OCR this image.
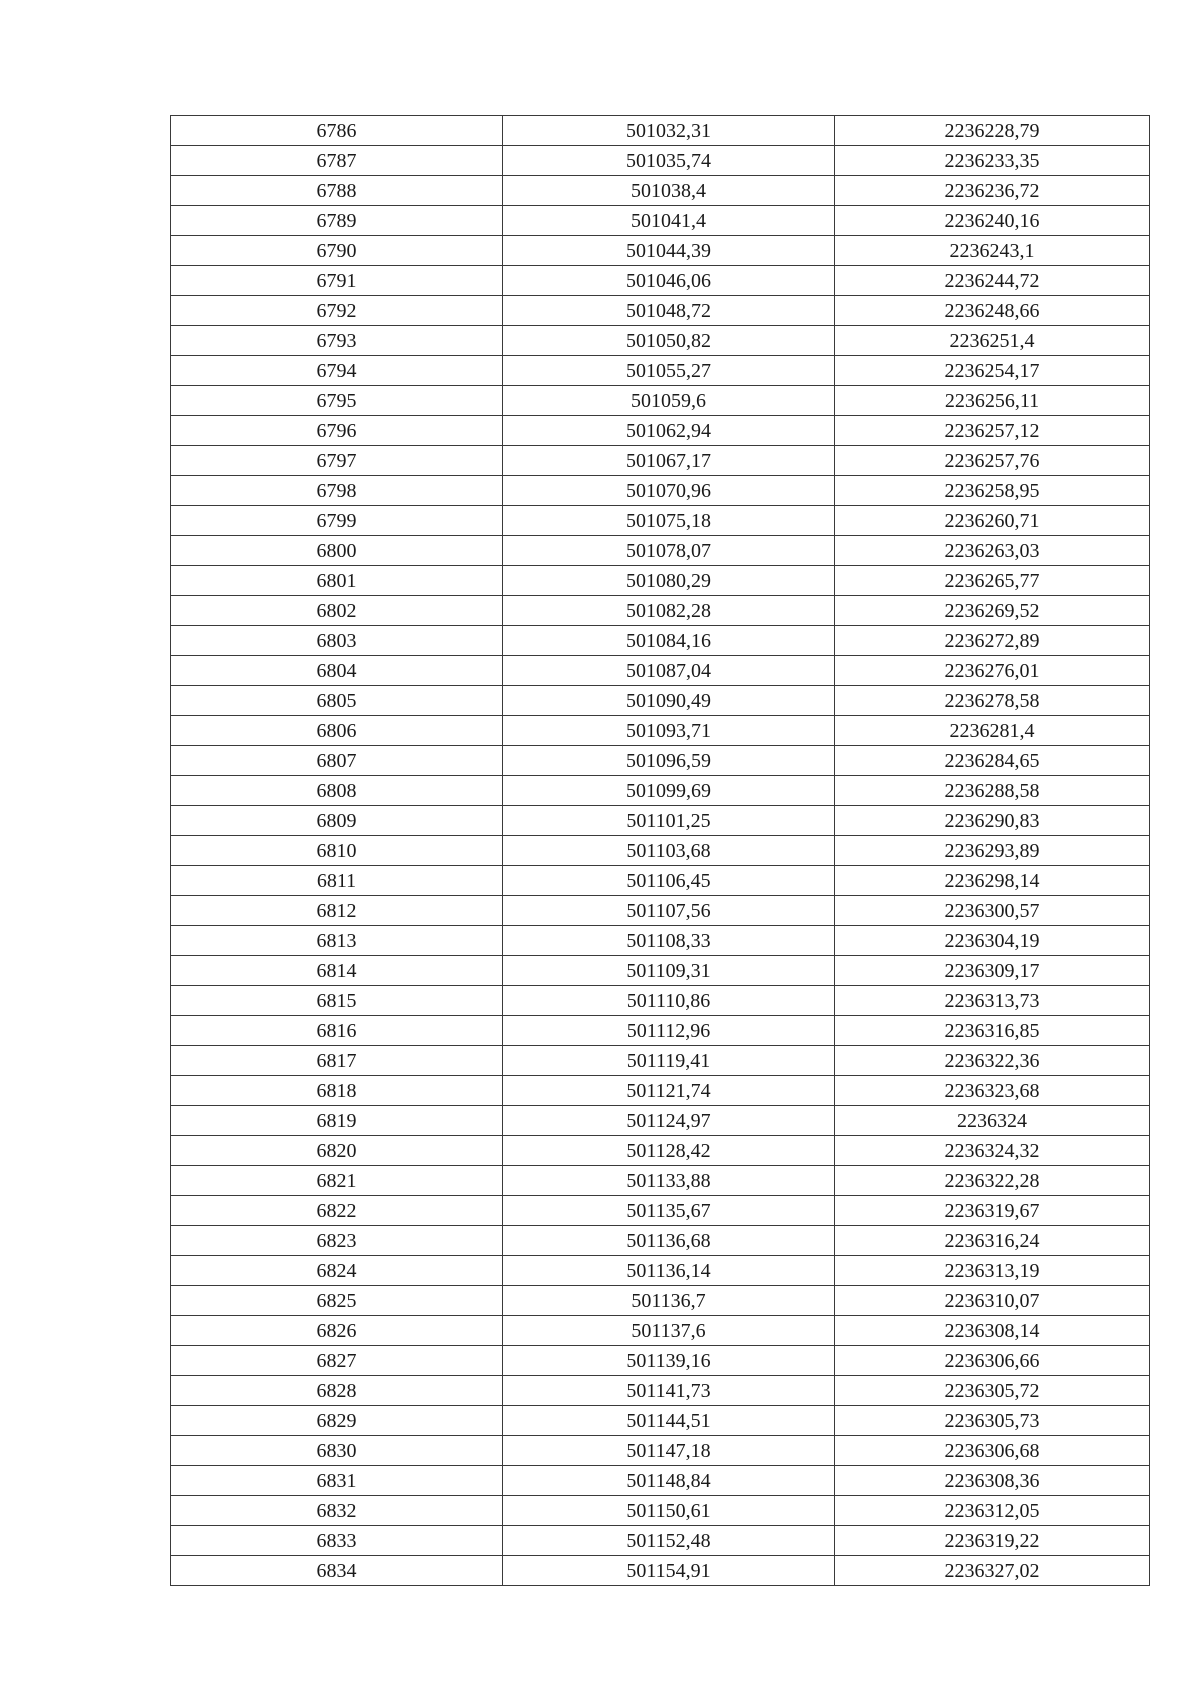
6786	501032,31	2236228,79
6787	501035,74	2236233,35
6788	501038,4	2236236,72
6789	501041,4	2236240,16
6790	501044,39	2236243,1
6791	501046,06	2236244,72
6792	501048,72	2236248,66
6793	501050,82	2236251,4
6794	501055,27	2236254,17
6795	501059,6	2236256,11
6796	501062,94	2236257,12
6797	501067,17	2236257,76
6798	501070,96	2236258,95
6799	501075,18	2236260,71
6800	501078,07	2236263,03
6801	501080,29	2236265,77
6802	501082,28	2236269,52
6803	501084,16	2236272,89
6804	501087,04	2236276,01
6805	501090,49	2236278,58
6806	501093,71	2236281,4
6807	501096,59	2236284,65
6808	501099,69	2236288,58
6809	501101,25	2236290,83
6810	501103,68	2236293,89
6811	501106,45	2236298,14
6812	501107,56	2236300,57
6813	501108,33	2236304,19
6814	501109,31	2236309,17
6815	501110,86	2236313,73
6816	501112,96	2236316,85
6817	501119,41	2236322,36
6818	501121,74	2236323,68
6819	501124,97	2236324
6820	501128,42	2236324,32
6821	501133,88	2236322,28
6822	501135,67	2236319,67
6823	501136,68	2236316,24
6824	501136,14	2236313,19
6825	501136,7	2236310,07
6826	501137,6	2236308,14
6827	501139,16	2236306,66
6828	501141,73	2236305,72
6829	501144,51	2236305,73
6830	501147,18	2236306,68
6831	501148,84	2236308,36
6832	501150,61	2236312,05
6833	501152,48	2236319,22
6834	501154,91	2236327,02
